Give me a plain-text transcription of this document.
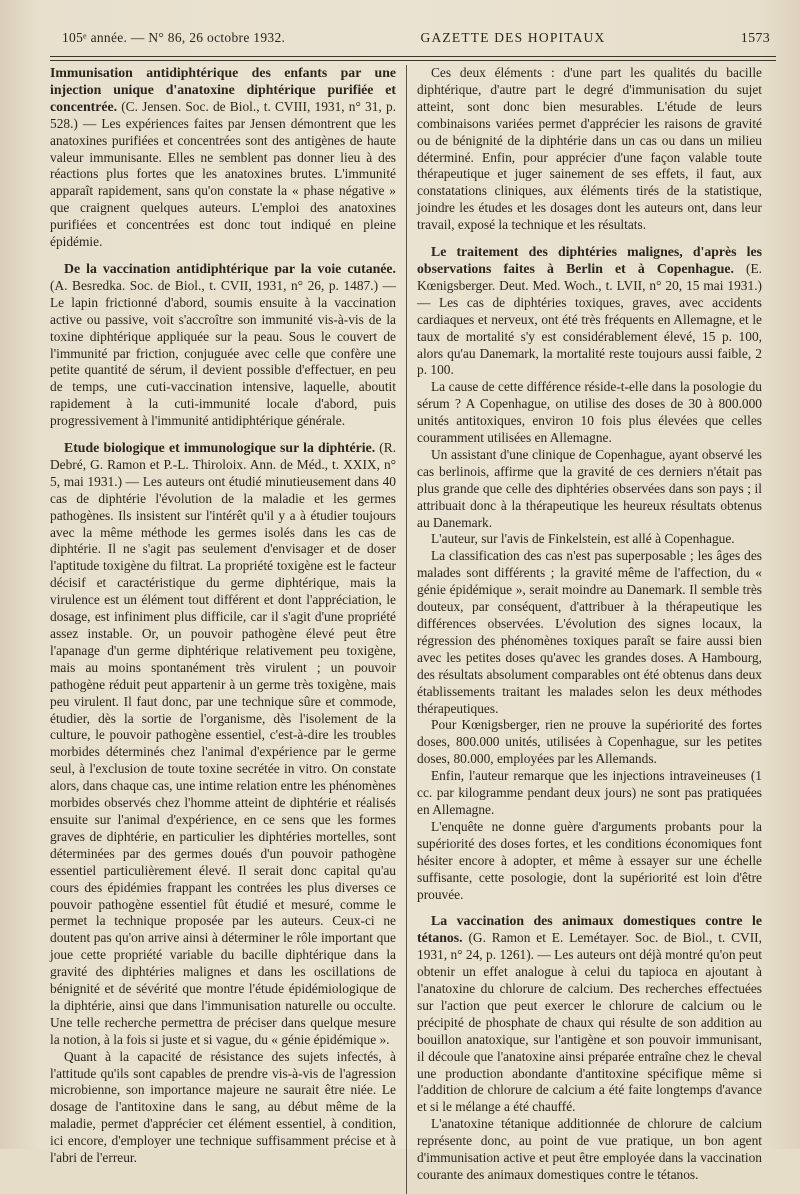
105ᵉ année. — N° 86, 26 octobre 1932.	GAZETTE DES HOPITAUX	1573

Immunisation antidiphtérique des enfants par une injection unique d'anatoxine diphtérique purifiée et concentrée. (C. Jensen. Soc. de Biol., t. CVIII, 1931, n° 31, p. 528.) — Les expériences faites par Jensen démontrent que les anatoxines purifiées et concentrées sont des antigènes de haute valeur immunisante. Elles ne semblent pas donner lieu à des réactions plus fortes que les anatoxines brutes. L'immunité apparaît rapidement, sans qu'on constate la « phase négative » que craignent quelques auteurs. L'emploi des anatoxines purifiées et concentrées est donc tout indiqué en pleine épidémie.

De la vaccination antidiphtérique par la voie cutanée. (A. Besredka. Soc. de Biol., t. CVII, 1931, n° 26, p. 1487.) — Le lapin frictionné d'abord, soumis ensuite à la vaccination active ou passive, voit s'accroître son immunité vis-à-vis de la toxine diphtérique appliquée sur la peau. Sous le couvert de l'immunité par friction, conjuguée avec celle que confère une petite quantité de sérum, il devient possible d'effectuer, en peu de temps, une cuti-vaccination intensive, laquelle, aboutit rapidement à la cuti-immunité locale d'abord, puis progressivement à l'immunité antidiphtérique générale.

Etude biologique et immunologique sur la diphtérie. (R. Debré, G. Ramon et P.-L. Thiroloix. Ann. de Méd., t. XXIX, n° 5, mai 1931.) — Les auteurs ont étudié minutieusement dans 40 cas de diphtérie l'évolution de la maladie et les germes pathogènes. Ils insistent sur l'intérêt qu'il y a à étudier toujours avec la même méthode les germes isolés dans les cas de diphtérie. Il ne s'agit pas seulement d'envisager et de doser l'aptitude toxigène du filtrat. La propriété toxigène est le facteur décisif et caractéristique du germe diphtérique, mais la virulence est un élément tout différent et dont l'appréciation, le dosage, est infiniment plus difficile, car il s'agit d'une propriété assez instable. Or, un pouvoir pathogène élevé peut être l'apanage d'un germe diphtérique relativement peu toxigène, mais au moins spontanément très virulent ; un pouvoir pathogène réduit peut appartenir à un germe très toxigène, mais peu virulent. Il faut donc, par une technique sûre et commode, étudier, dès la sortie de l'organisme, dès l'isolement de la culture, le pouvoir pathogène essentiel, c'est-à-dire les troubles morbides déterminés chez l'animal d'expérience par le germe seul, à l'exclusion de toute toxine secrétée in vitro. On constate alors, dans chaque cas, une intime relation entre les phénomènes morbides observés chez l'homme atteint de diphtérie et réalisés ensuite sur l'animal d'expérience, en ce sens que les formes graves de diphtérie, en particulier les diphtéries mortelles, sont déterminées par des germes doués d'un pouvoir pathogène essentiel particulièrement élevé. Il serait donc capital qu'au cours des épidémies frappant les contrées les plus diverses ce pouvoir pathogène essentiel fût étudié et mesuré, comme le permet la technique proposée par les auteurs. Ceux-ci ne doutent pas qu'on arrive ainsi à déterminer le rôle important que joue cette propriété variable du bacille diphtérique dans la gravité des diphtéries malignes et dans les oscillations de bénignité et de sévérité que montre l'étude épidémiologique de la diphtérie, ainsi que dans l'immunisation naturelle ou occulte. Une telle recherche permettra de préciser dans quelque mesure la notion, à la fois si juste et si vague, du « génie épidémique ».

Quant à la capacité de résistance des sujets infectés, à l'attitude qu'ils sont capables de prendre vis-à-vis de l'agression microbienne, son importance majeure ne saurait être niée. Le dosage de l'antitoxine dans le sang, au début même de la maladie, permet d'apprécier cet élément essentiel, à condition, ici encore, d'employer une technique suffisamment précise et à l'abri de l'erreur.

Ces deux éléments : d'une part les qualités du bacille diphtérique, d'autre part le degré d'immunisation du sujet atteint, sont donc bien mesurables. L'étude de leurs combinaisons variées permet d'apprécier les raisons de gravité ou de bénignité de la diphtérie dans un cas ou dans un milieu déterminé. Enfin, pour apprécier d'une façon valable toute thérapeutique et juger sainement de ses effets, il faut, aux constatations cliniques, aux éléments tirés de la statistique, joindre les études et les dosages dont les auteurs ont, dans leur travail, exposé la technique et les résultats.

Le traitement des diphtéries malignes, d'après les observations faites à Berlin et à Copenhague. (E. Kœnigsberger. Deut. Med. Woch., t. LVII, n° 20, 15 mai 1931.) — Les cas de diphtéries toxiques, graves, avec accidents cardiaques et nerveux, ont été très fréquents en Allemagne, et le taux de mortalité s'y est considérablement élevé, 15 p. 100, alors qu'au Danemark, la mortalité reste toujours aussi faible, 2 p. 100.

La cause de cette différence réside-t-elle dans la posologie du sérum ? A Copenhague, on utilise des doses de 30 à 800.000 unités antitoxiques, environ 10 fois plus élevées que celles couramment utilisées en Allemagne.

Un assistant d'une clinique de Copenhague, ayant observé les cas berlinois, affirme que la gravité de ces derniers n'était pas plus grande que celle des diphtéries observées dans son pays ; il attribuait donc à la thérapeutique les heureux résultats obtenus au Danemark.

L'auteur, sur l'avis de Finkelstein, est allé à Copenhague.

La classification des cas n'est pas superposable ; les âges des malades sont différents ; la gravité même de l'affection, du « génie épidémique », serait moindre au Danemark. Il semble très douteux, par conséquent, d'attribuer à la thérapeutique les différences observées. L'évolution des signes locaux, la régression des phénomènes toxiques paraît se faire aussi bien avec les petites doses qu'avec les grandes doses. A Hambourg, des résultats absolument comparables ont été obtenus dans deux établissements traitant les malades selon les deux méthodes thérapeutiques.

Pour Kœnigsberger, rien ne prouve la supériorité des fortes doses, 800.000 unités, utilisées à Copenhague, sur les petites doses, 80.000, employées par les Allemands.

Enfin, l'auteur remarque que les injections intraveineuses (1 cc. par kilogramme pendant deux jours) ne sont pas pratiquées en Allemagne.

L'enquête ne donne guère d'arguments probants pour la supériorité des doses fortes, et les conditions économiques font hésiter encore à adopter, et même à essayer sur une échelle suffisante, cette posologie, dont la supériorité est loin d'être prouvée.

La vaccination des animaux domestiques contre le tétanos. (G. Ramon et E. Lemétayer. Soc. de Biol., t. CVII, 1931, n° 24, p. 1261). — Les auteurs ont déjà montré qu'on peut obtenir un effet analogue à celui du tapioca en ajoutant à l'anatoxine du chlorure de calcium. Des recherches effectuées sur l'action que peut exercer le chlorure de calcium ou le précipité de phosphate de chaux qui résulte de son addition au bouillon anatoxique, sur l'antigène et son pouvoir immunisant, il découle que l'anatoxine ainsi préparée entraîne chez le cheval une production abondante d'antitoxine spécifique même si l'addition de chlorure de calcium a été faite longtemps d'avance et si le mélange a été chauffé.

L'anatoxine tétanique additionnée de chlorure de calcium représente donc, au point de vue pratique, un bon agent d'immunisation active et peut être employée dans la vaccination courante des animaux domestiques contre le tétanos.
